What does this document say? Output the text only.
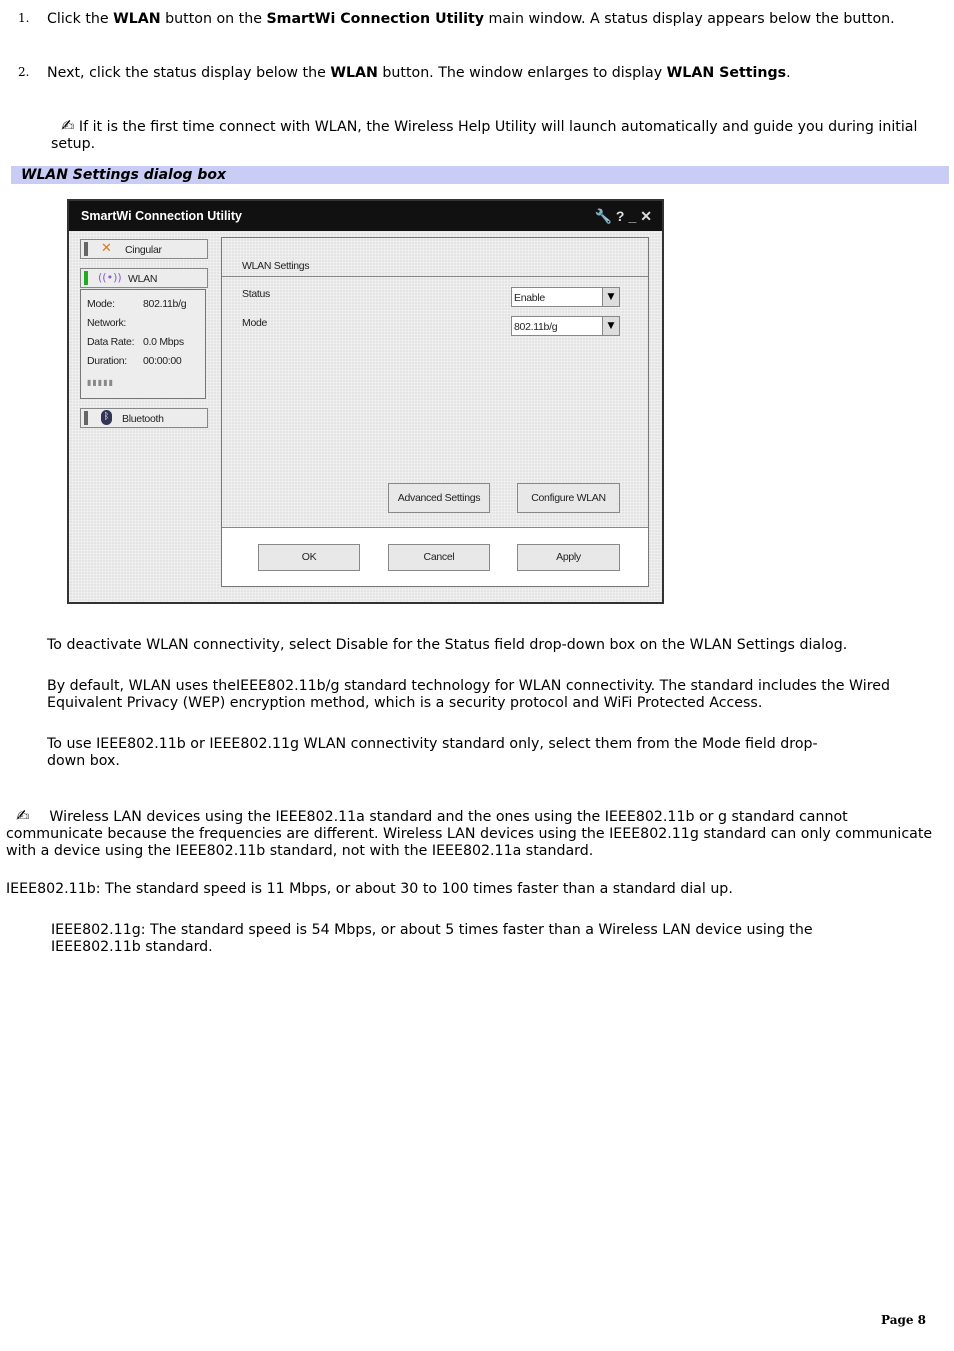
1. Click the WLAN button on the SmartWi Connection Utility main window. A status display appears below the button.
2. Next, click the status display below the WLAN button. The window enlarges to display WLAN Settings.
✍ If it is the first time connect with WLAN, the Wireless Help Utility will launch automatically and guide you during initial setup.
WLAN Settings dialog box
SmartWi Connection Utility	🔧?_✕
✕ Cingular
((•)) WLAN
Mode:	802.11b/g
Network:
Data Rate: 0.0 Mbps
Duration: 00:00:00
▮▮▮▮▮
ᛒ Bluetooth
WLAN Settings
Status	Enable	▼
Mode	802.11b/g	▼
Advanced Settings	Configure WLAN
OK	Cancel	Apply
To deactivate WLAN connectivity, select Disable for the Status field drop-down box on the WLAN Settings dialog.
By default, WLAN uses theIEEE802.11b/g standard technology for WLAN connectivity. The standard includes the Wired Equivalent Privacy (WEP) encryption method, which is a security protocol and WiFi Protected Access.
To use IEEE802.11b or IEEE802.11g WLAN connectivity standard only, select them from the Mode field drop-down box.
✍ Wireless LAN devices using the IEEE802.11a standard and the ones using the IEEE802.11b or g standard cannot communicate because the frequencies are different. Wireless LAN devices using the IEEE802.11g standard can only communicate with a device using the IEEE802.11b standard, not with the IEEE802.11a standard.
IEEE802.11b: The standard speed is 11 Mbps, or about 30 to 100 times faster than a standard dial up.
IEEE802.11g: The standard speed is 54 Mbps, or about 5 times faster than a Wireless LAN device using the IEEE802.11b standard.
Page 8
